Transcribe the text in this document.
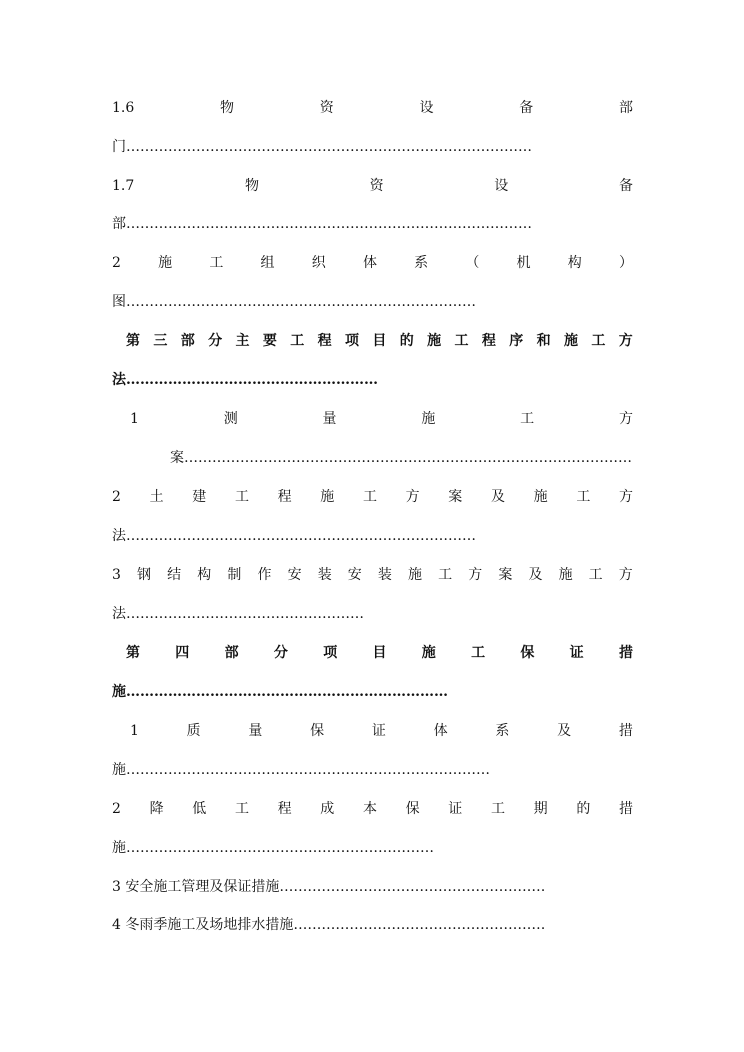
1.6	物	资	设	备	部
门……………………………………………………………………………
1.7	物	资	设	备
部……………………………………………………………………………
2	施	工	组	织	体	系	（	机	构	）
图…………………………………………………………………
第 三 部 分 主 要 工 程 项 目 的 施 工 程 序 和 施 工 方
法………………………………………………
1	测	量	施	工	方
案……………………………………………………………………………………
2 土 建 工 程 施 工 方 案 及 施 工 方
法…………………………………………………………………
3 钢 结 构 制 作 安 装 安 装 施 工 方 案 及 施 工 方
法……………………………………………
第	四	部	分	项	目	施	工	保	证	措
施……………………………………………………………
1	质	量	保	证	体	系	及	措
施……………………………………………………………………
2 降 低 工 程 成 本 保 证 工 期 的 措
施…………………………………………………………
3 安全施工管理及保证措施…………………………………………………
4 冬雨季施工及场地排水措施………………………………………………
